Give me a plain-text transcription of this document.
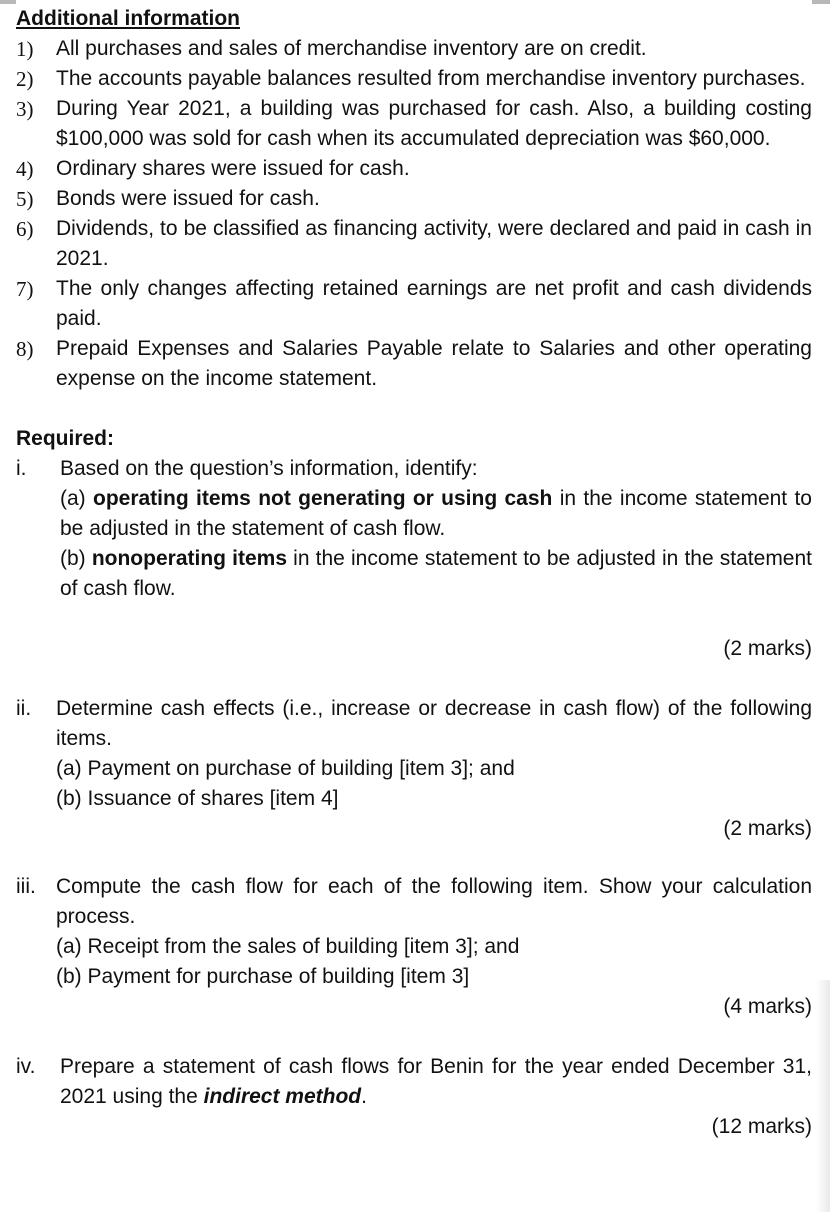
Additional information
1)	All purchases and sales of merchandise inventory are on credit.
2)	The accounts payable balances resulted from merchandise inventory purchases.
3)	During Year 2021, a building was purchased for cash. Also, a building costing $100,000 was sold for cash when its accumulated depreciation was $60,000.
4)	Ordinary shares were issued for cash.
5)	Bonds were issued for cash.
6)	Dividends, to be classified as financing activity, were declared and paid in cash in 2021.
7)	The only changes affecting retained earnings are net profit and cash dividends paid.
8)	Prepaid Expenses and Salaries Payable relate to Salaries and other operating expense on the income statement.
Required:
i.	Based on the question’s information, identify:
(a) operating items not generating or using cash in the income statement to be adjusted in the statement of cash flow.
(b) nonoperating items in the income statement to be adjusted in the statement of cash flow.
(2 marks)
ii.	Determine cash effects (i.e., increase or decrease in cash flow) of the following items.
(a) Payment on purchase of building [item 3]; and
(b) Issuance of shares [item 4]
(2 marks)
iii. Compute the cash flow for each of the following item. Show your calculation process.
(a) Receipt from the sales of building [item 3]; and
(b) Payment for purchase of building [item 3]
(4 marks)
iv.	Prepare a statement of cash flows for Benin for the year ended December 31, 2021 using the indirect method.
(12 marks)
